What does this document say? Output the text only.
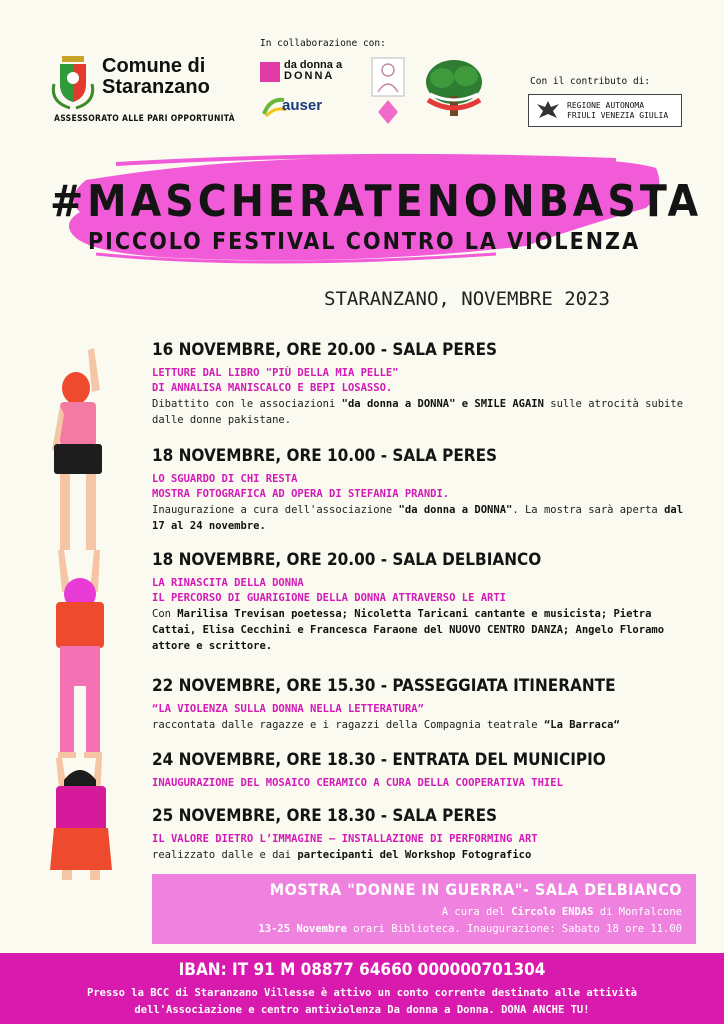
Comune di
Staranzano
ASSESSORATO ALLE PARI OPPORTUNITÀ
In collaborazione con:
da donna a
DONNA
auser
Con il contributo di:
REGIONE AUTONOMA
FRIULI VENEZIA GIULIA
#MASCHERATENONBASTA
PICCOLO FESTIVAL CONTRO LA VIOLENZA
STARANZANO, NOVEMBRE 2023
16 NOVEMBRE, ORE 20.00 - SALA PERES
LETTURE DAL LIBRO "PIÙ DELLA MIA PELLE"
DI ANNALISA MANISCALCO E BEPI LOSASSO.
Dibattito con le associazioni "da donna a DONNA" e SMILE AGAIN sulle atrocità subite dalle donne pakistane.
18 NOVEMBRE, ORE 10.00 - SALA PERES
LO SGUARDO DI CHI RESTA
MOSTRA FOTOGRAFICA AD OPERA DI STEFANIA PRANDI.
Inaugurazione a cura dell'associazione "da donna a DONNA". La mostra sarà aperta dal 17 al 24 novembre.
18 NOVEMBRE, ORE 20.00 - SALA DELBIANCO
LA RINASCITA DELLA DONNA
IL PERCORSO DI GUARIGIONE DELLA DONNA ATTRAVERSO LE ARTI
Con Marilisa Trevisan poetessa; Nicoletta Taricani cantante e musicista; Pietra Cattai, Elisa Cecchini e Francesca Faraone del NUOVO CENTRO DANZA; Angelo Floramo attore e scrittore.
22 NOVEMBRE, ORE 15.30 - PASSEGGIATA ITINERANTE
“LA VIOLENZA SULLA DONNA NELLA LETTERATURA”
raccontata dalle ragazze e i ragazzi della Compagnia teatrale “La Barraca“
24 NOVEMBRE, ORE 18.30 - ENTRATA DEL MUNICIPIO
INAUGURAZIONE DEL MOSAICO CERAMICO A CURA DELLA COOPERATIVA THIEL
25 NOVEMBRE, ORE 18.30 - SALA PERES
IL VALORE DIETRO L’IMMAGINE – INSTALLAZIONE DI PERFORMING ART
realizzato dalle e dai partecipanti del Workshop Fotografico
MOSTRA "DONNE IN GUERRA"- SALA DELBIANCO
A cura del Circolo ENDAS di Monfalcone
13-25 Novembre orari Biblioteca. Inaugurazione: Sabato 18 ore 11.00
IBAN: IT 91 M 08877 64660 000000701304
Presso la BCC di Staranzano Villesse è attivo un conto corrente destinato alle attività
dell'Associazione e centro antiviolenza Da donna a Donna. DONA ANCHE TU!
